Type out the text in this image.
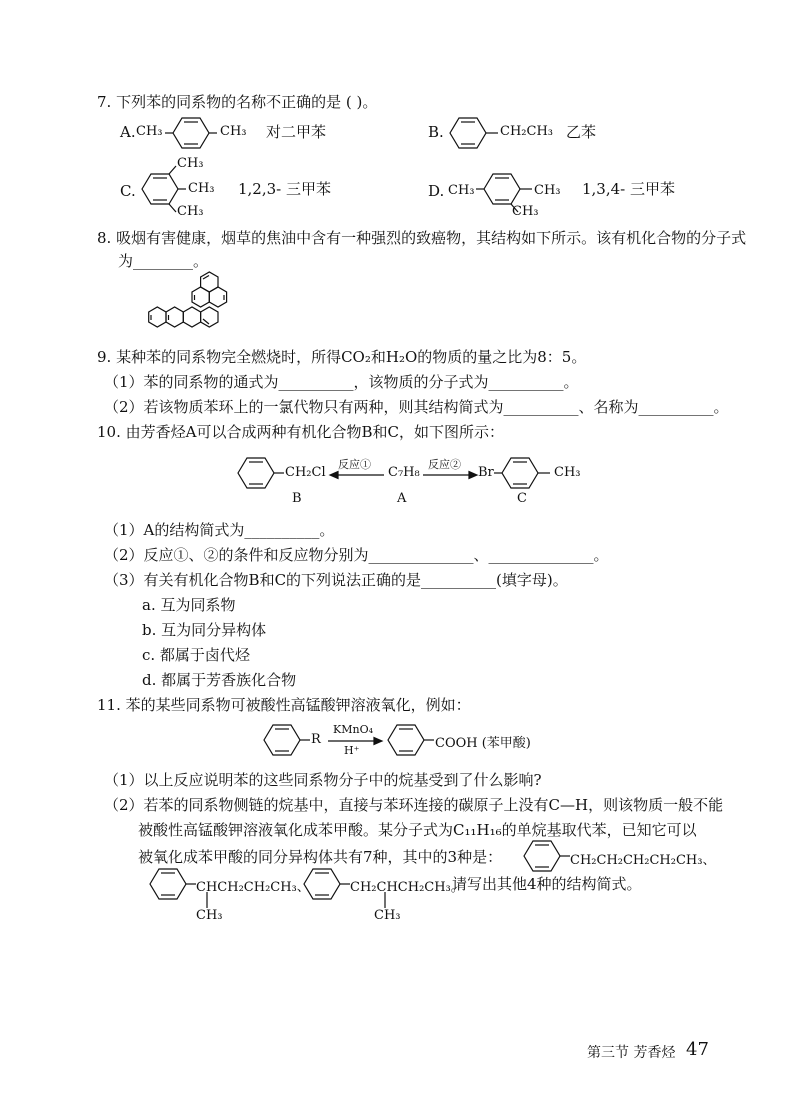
7. 下列苯的同系物的名称不正确的是 ( )。
A. CH₃	CH₃ 对二甲苯	B.	CH₂CH₃ 乙苯
C.
CH₃
CH₃
CH₃
1,2,3- 三甲苯	D. CH₃	CH₃
CH₃
1,3,4- 三甲苯
8. 吸烟有害健康，烟草的焦油中含有一种强烈的致癌物，其结构如下所示。该有机化合物的分子式
为________。
9. 某种苯的同系物完全燃烧时，所得CO₂和H₂O的物质的量之比为8：5。
（1）苯的同系物的通式为__________，该物质的分子式为__________。
（2）若该物质苯环上的一氯代物只有两种，则其结构简式为__________、名称为__________。
10. 由芳香烃A可以合成两种有机化合物B和C，如下图所示：
CH₂Cl
B
反应①
C₇H₈
A
反应②
Br	CH₃
C
（1）A的结构简式为__________。
（2）反应①、②的条件和反应物分别为______________、______________。
（3）有关有机化合物B和C的下列说法正确的是__________(填字母)。
a. 互为同系物
b. 互为同分异构体
c. 都属于卤代烃
d. 都属于芳香族化合物
11. 苯的某些同系物可被酸性高锰酸钾溶液氧化，例如：
R
KMnO₄
H⁺	COOH (苯甲酸)
（1）以上反应说明苯的这些同系物分子中的烷基受到了什么影响?
（2）若苯的同系物侧链的烷基中，直接与苯环连接的碳原子上没有C—H，则该物质一般不能
被酸性高锰酸钾溶液氧化成苯甲酸。某分子式为C₁₁H₁₆的单烷基取代苯，已知它可以
被氧化成苯甲酸的同分异构体共有7种，其中的3种是：	CH₂CH₂CH₂CH₂CH₃、
CHCH₂CH₂CH₃、
CH₃
CH₂CHCH₂CH₃。
CH₃
请写出其他4种的结构简式。
第三节 芳香烃 47
